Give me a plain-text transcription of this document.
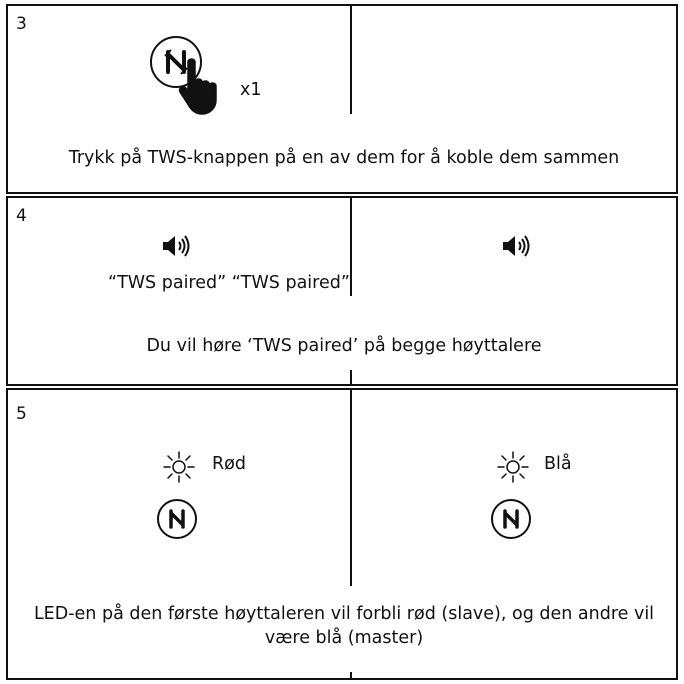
3
x1
Trykk på TWS-knappen på en av dem for å koble dem sammen
4
“TWS paired” “TWS paired”
Du vil høre ‘TWS paired’ på begge høyttalere
5
Rød	Blå
LED-en på den første høyttaleren vil forbli rød (slave), og den andre vil være blå (master)
